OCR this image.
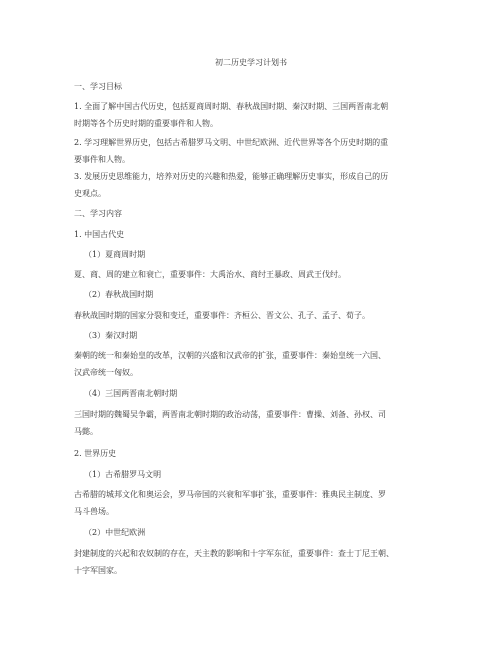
初二历史学习计划书
一、学习目标
1. 全面了解中国古代历史，包括夏商周时期、春秋战国时期、秦汉时期、三国两晋南北朝
时期等各个历史时期的重要事件和人物。
2. 学习理解世界历史，包括古希腊罗马文明、中世纪欧洲、近代世界等各个历史时期的重
要事件和人物。
3. 发展历史思维能力，培养对历史的兴趣和热爱，能够正确理解历史事实，形成自己的历
史观点。
二、学习内容
1. 中国古代史
（1）夏商周时期
夏、商、周的建立和衰亡，重要事件：大禹治水、商纣王暴政、周武王伐纣。
（2）春秋战国时期
春秋战国时期的国家分裂和变迁，重要事件：齐桓公、晋文公、孔子、孟子、荀子。
（3）秦汉时期
秦朝的统一和秦始皇的改革，汉朝的兴盛和汉武帝的扩张，重要事件：秦始皇统一六国、
汉武帝统一匈奴。
（4）三国两晋南北朝时期
三国时期的魏蜀吴争霸，两晋南北朝时期的政治动荡，重要事件：曹操、刘备、孙权、司
马懿。
2. 世界历史
（1）古希腊罗马文明
古希腊的城邦文化和奥运会，罗马帝国的兴衰和军事扩张，重要事件：雅典民主制度、罗
马斗兽场。
（2）中世纪欧洲
封建制度的兴起和农奴制的存在，天主教的影响和十字军东征，重要事件：查士丁尼王朝、
十字军国家。
